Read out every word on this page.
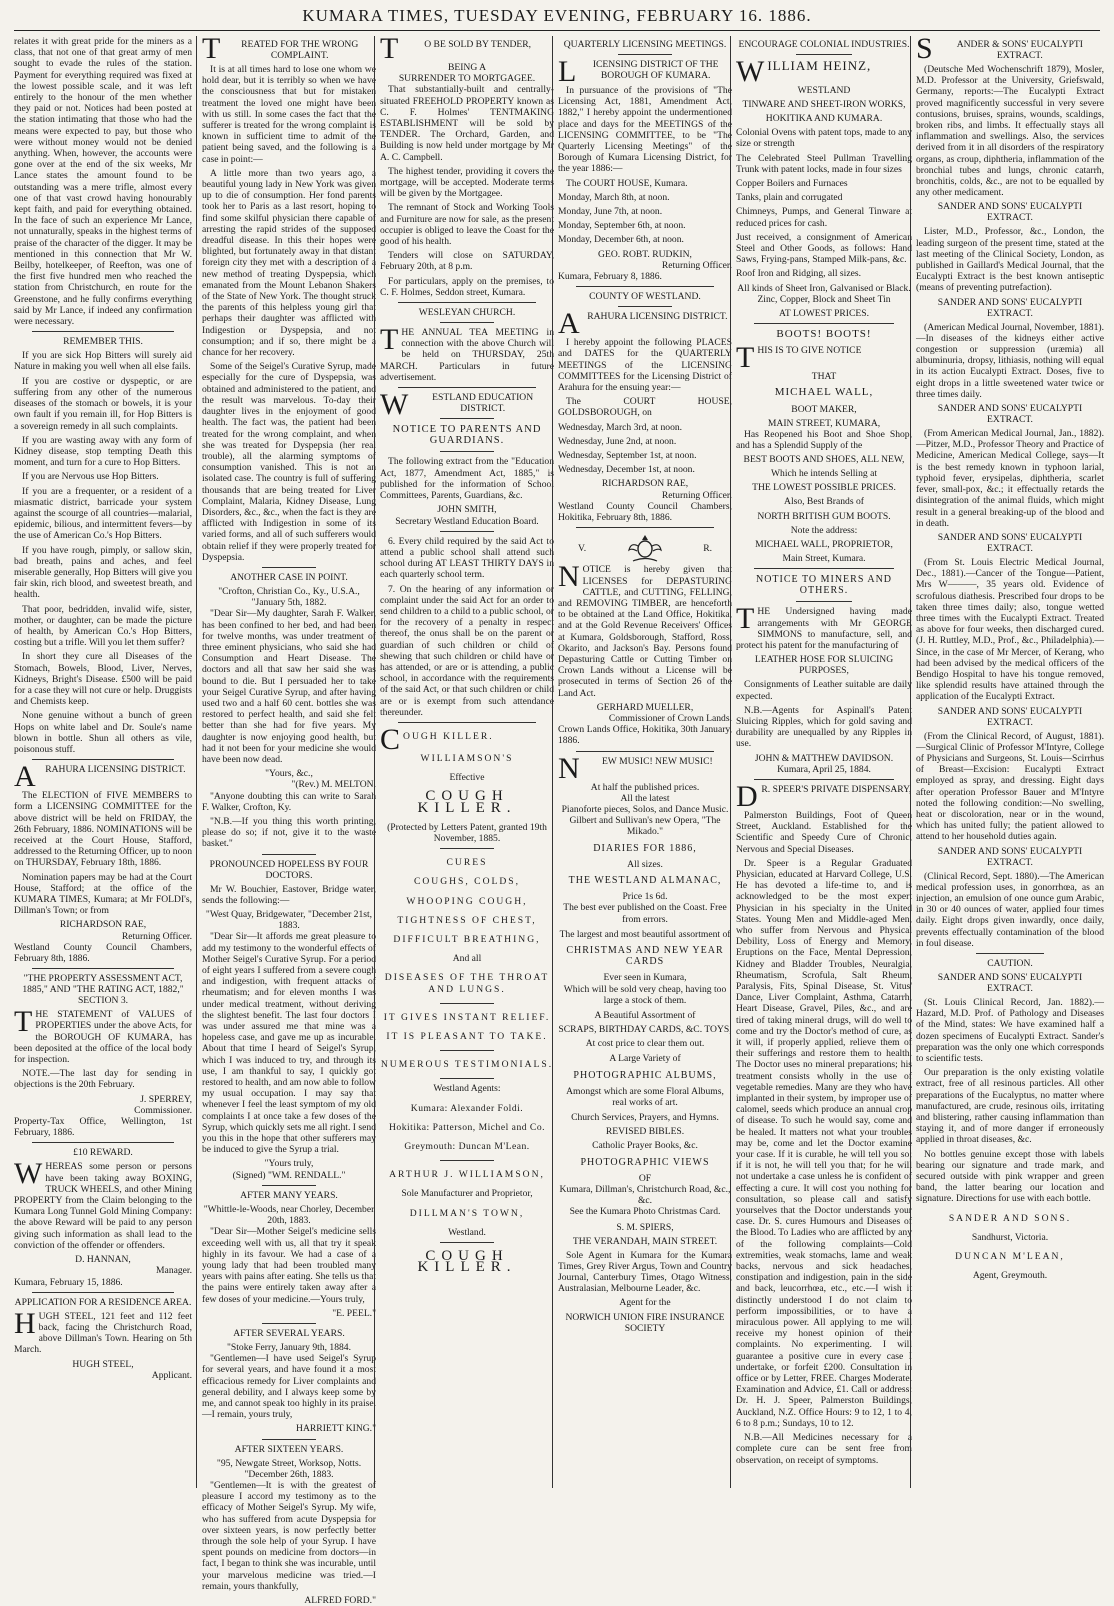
KUMARA TIMES, TUESDAY EVENING, FEBRUARY 16. 1886.

relates it with great pride for the miners as a class, that not one of that great army of men sought to evade the rules of the station. Payment for everything required was fixed at the lowest possible scale, and it was left entirely to the honour of the men whether they paid or not. Notices had been posted at the station intimating that those who had the means were expected to pay, but those who were without money would not be denied anything. When, however, the accounts were gone over at the end of the six weeks, Mr Lance states the amount found to be outstanding was a mere trifle, almost every one of that vast crowd having honourably kept faith, and paid for everything obtained. In the face of such an experience Mr Lance, not unnaturally, speaks in the highest terms of praise of the character of the digger. It may be mentioned in this connection that Mr W. Beilby, hotelkeeper, of Reefton, was one of the first five hundred men who reached the station from Christchurch, en route for the Greenstone, and he fully confirms everything said by Mr Lance, if indeed any confirmation were necessary.

REMEMBER THIS.

If you are sick Hop Bitters will surely aid Nature in making you well when all else fails.

If you are costive or dyspeptic, or are suffering from any other of the numerous diseases of the stomach or bowels, it is your own fault if you remain ill, for Hop Bitters is a sovereign remedy in all such complaints.

If you are wasting away with any form of Kidney disease, stop tempting Death this moment, and turn for a cure to Hop Bitters.

If you are Nervous use Hop Bitters.

If you are a frequenter, or a resident of a miasmatic district, barricade your system against the scourge of all countries—malarial, epidemic, bilious, and intermittent fevers—by the use of American Co.'s Hop Bitters.

If you have rough, pimply, or sallow skin, bad breath, pains and aches, and feel miserable generally, Hop Bitters will give you fair skin, rich blood, and sweetest breath, and health.

That poor, bedridden, invalid wife, sister, mother, or daughter, can be made the picture of health, by American Co.'s Hop Bitters, costing but a trifle. Will you let them suffer?

In short they cure all Diseases of the Stomach, Bowels, Blood, Liver, Nerves, Kidneys, Bright's Disease. £500 will be paid for a case they will not cure or help. Druggists and Chemists keep.

None genuine without a bunch of green Hops on white label and Dr. Soule's name blown in bottle. Shun all others as vile, poisonous stuff.

A RAHURA LICENSING DISTRICT.

The ELECTION of FIVE MEMBERS to form a LICENSING COMMITTEE for the above district will be held on FRIDAY, the 26th February, 1886. NOMINATIONS will be received at the Court House, Stafford, addressed to the Returning Officer, up to noon on THURSDAY, February 18th, 1886.

Nomination papers may be had at the Court House, Stafford; at the office of the KUMARA TIMES, Kumara; at Mr FOLDI's, Dillman's Town; or from

RICHARDSON RAE,
Returning Officer.

Westland County Council Chambers, February 8th, 1886.

"THE PROPERTY ASSESSMENT ACT, 1885," AND "THE RATING ACT, 1882," SECTION 3.
T HE STATEMENT of VALUES of PROPERTIES under the above Acts, for the BOROUGH OF KUMARA, has been deposited at the office of the local body for inspection.

NOTE.—The last day for sending in objections is the 20th February.

J. SPERREY,
Commissioner.

Property-Tax Office, Wellington, 1st February, 1886.

£10 REWARD.
W HEREAS some person or persons have been taking away BOXING, TRUCK WHEELS, and other Mining PROPERTY from the Claim belonging to the Kumara Long Tunnel Gold Mining Company: the above Reward will be paid to any person giving such information as shall lead to the conviction of the offender or offenders.

D. HANNAN,
Manager.

Kumara, February 15, 1886.

APPLICATION FOR A RESIDENCE AREA.
H UGH STEEL, 121 feet and 112 feet back, facing the Christchurch Road, above Dillman's Town. Hearing on 5th March.

HUGH STEEL,
Applicant.
T	REATED FOR THE WRONG COMPLAINT.

It is at all times hard to lose one whom we hold dear, but it is terribly so when we have the consciousness that but for mistaken treatment the loved one might have been with us still. In some cases the fact that the sufferer is treated for the wrong complaint is known in sufficient time to admit of the patient being saved, and the following is a case in point:—

A little more than two years ago, a beautiful young lady in New York was given up to die of consumption. Her fond parents took her to Paris as a last resort, hoping to find some skilful physician there capable of arresting the rapid strides of the supposed dreadful disease. In this their hopes were blighted, but fortunately away in that distant foreign city they met with a description of a new method of treating Dyspepsia, which emanated from the Mount Lebanon Shakers of the State of New York. The thought struck the parents of this helpless young girl that perhaps their daughter was afflicted with Indigestion or Dyspepsia, and not consumption; and if so, there might be a chance for her recovery.

Some of the Seigel's Curative Syrup, made especially for the cure of Dyspepsia, was obtained and administered to the patient, and the result was marvelous. To-day their daughter lives in the enjoyment of good health. The fact was, the patient had been treated for the wrong complaint, and when she was treated for Dyspepsia (her real trouble), all the alarming symptoms of consumption vanished. This is not an isolated case. The country is full of suffering thousands that are being treated for Liver Complaint, Malaria, Kidney Disease, Lung Disorders, &c., &c., when the fact is they are afflicted with Indigestion in some of its varied forms, and all of such sufferers would obtain relief if they were properly treated for Dyspepsia.

ANOTHER CASE IN POINT.
"Crofton, Christian Co., Ky., U.S.A., "January 5th, 1882.

"Dear Sir—My daughter, Sarah F. Walker, has been confined to her bed, and had been for twelve months, was under treatment of three eminent physicians, who said she had Consumption and Heart Disease. The doctors and all that saw her said she was bound to die. But I persuaded her to take your Seigel Curative Syrup, and after having used two and a half 60 cent. bottles she was restored to perfect health, and said she felt better than she had for five years. My daughter is now enjoying good health, but had it not been for your medicine she would have been now dead.

"Yours, &c.,
"(Rev.) M. MELTON.

"Anyone doubting this can write to Sarah F. Walker, Crofton, Ky.

"N.B.—If you thing this worth printing, please do so; if not, give it to the waste basket."

PRONOUNCED HOPELESS BY FOUR DOCTORS.

Mr W. Bouchier, Eastover, Bridge water, sends the following:—

"West Quay, Bridgewater, "December 21st, 1883.

"Dear Sir—It affords me great pleasure to add my testimony to the wonderful effects of Mother Seigel's Curative Syrup. For a period of eight years I suffered from a severe cough and indigestion, with frequent attacks of rheumatism; and for eleven months I was under medical treatment, without deriving the slightest benefit. The last four doctors I was under assured me that mine was a hopeless case, and gave me up as incurable. About that time I heard of Seigel's Syrup, which I was induced to try, and through its use, I am thankful to say, I quickly got restored to health, and am now able to follow my usual occupation. I may say that whenever I feel the least symptom of my old complaints I at once take a few doses of the Syrup, which quickly sets me all right. I send you this in the hope that other sufferers may be induced to give the Syrup a trial.

"Yours truly,
(Signed) "WM. RENDALL."
AFTER MANY YEARS.
"Whittle-le-Woods, near Chorley, December 20th, 1883.

"Dear Sir—Mother Seigel's medicine sells exceeding well with us, all that try it speak highly in its favour. We had a case of a young lady that had been troubled many years with pains after eating. She tells us that the pains were entirely taken away after a few doses of your medicine.—Yours truly,

"E. PEEL."
AFTER SEVERAL YEARS.
"Stoke Ferry, January 9th, 1884.

"Gentlemen—I have used Seigel's Syrup for several years, and have found it a most efficacious remedy for Liver complaints and general debility, and I always keep some by me, and cannot speak too highly in its praise.—I remain, yours truly,

HARRIETT KING."
AFTER SIXTEEN YEARS.
"95, Newgate Street, Worksop, Notts. "December 26th, 1883.

"Gentlemen—It is with the greatest of pleasure I accord my testimony as to the efficacy of Mother Seigel's Syrup. My wife, who has suffered from acute Dyspepsia for over sixteen years, is now perfectly better through the sole help of your Syrup. I have spent pounds on medicine from doctors—in fact, I began to think she was incurable, until your marvelous medicine was tried.—I remain, yours thankfully,

ALFRED FORD."
T	O BE SOLD BY TENDER,
BEING A
SURRENDER TO MORTGAGEE.

That substantially-built and centrally-situated FREEHOLD PROPERTY known as C. F. Holmes' TENTMAKING ESTABLISHMENT will be sold by TENDER. The Orchard, Garden, and Building is now held under mortgage by Mr A. C. Campbell.

The highest tender, providing it covers the mortgage, will be accepted. Moderate terms will be given by the Mortgagee.

The remnant of Stock and Working Tools and Furniture are now for sale, as the present occupier is obliged to leave the Coast for the good of his health.

Tenders will close on SATURDAY, February 20th, at 8 p.m.

For particulars, apply on the premises, to C. F. Holmes, Seddon street, Kumara.

WESLEYAN CHURCH.
T HE ANNUAL TEA MEETING in connection with the above Church will be held on THURSDAY, 25th MARCH. Particulars in future advertisement.

W	ESTLAND EDUCATION DISTRICT.
NOTICE TO PARENTS AND GUARDIANS.

The following extract from the "Education Act, 1877, Amendment Act, 1885," is published for the information of School Committees, Parents, Guardians, &c.

JOHN SMITH,
Secretary Westland Education Board.

6. Every child required by the said Act to attend a public school shall attend such school during AT LEAST THIRTY DAYS in each quarterly school term.

7. On the hearing of any information or complaint under the said Act for an order to send children to a child to a public school, or for the recovery of a penalty in respect thereof, the onus shall be on the parent or guardian of such children or child of shewing that such children or child have or has attended, or are or is attending, a public school, in accordance with the requirements of the said Act, or that such children or child are or is exempt from such attendance thereunder.

C OUGH KILLER.
WILLIAMSON'S
Effective
COUGH KILLER.

(Protected by Letters Patent, granted 19th November, 1885.

CURES
COUGHS, COLDS,
WHOOPING COUGH,
TIGHTNESS OF CHEST,
DIFFICULT BREATHING,
And all
DISEASES OF THE THROAT AND LUNGS.
IT GIVES INSTANT RELIEF.
IT IS PLEASANT TO TAKE.
NUMEROUS TESTIMONIALS.
Westland Agents:
Kumara: Alexander Foldi.
Hokitika: Patterson, Michel and Co.
Greymouth: Duncan M'Lean.
ARTHUR J. WILLIAMSON,
Sole Manufacturer and Proprietor,
DILLMAN'S TOWN,
Westland.
COUGH KILLER.
QUARTERLY LICENSING MEETINGS.
L	ICENSING DISTRICT OF THE BOROUGH OF KUMARA.

In pursuance of the provisions of "The Licensing Act, 1881, Amendment Act, 1882," I hereby appoint the undermentioned place and days for the MEETINGS of the LICENSING COMMITTEE, to be "The Quarterly Licensing Meetings" of the Borough of Kumara Licensing District, for the year 1886:—

The COURT HOUSE, Kumara.

Monday, March 8th, at noon.

Monday, June 7th, at noon.

Monday, September 6th, at noon.

Monday, December 6th, at noon.

GEO. ROBT. RUDKIN,
Returning Officer.

Kumara, February 8, 1886.

COUNTY OF WESTLAND.
A RAHURA LICENSING DISTRICT.

I hereby appoint the following PLACES and DATES for the QUARTERLY MEETINGS of the LICENSING COMMITTEES for the Licensing District of Arahura for the ensuing year:—

The COURT HOUSE, GOLDSBOROUGH, on

Wednesday, March 3rd, at noon.

Wednesday, June 2nd, at noon.

Wednesday, September 1st, at noon.

Wednesday, December 1st, at noon.

RICHARDSON RAE,
Returning Officer.

Westland County Council Chambers, Hokitika, February 8th, 1886.

V.	R.
N OTICE is hereby given that LICENSES for DEPASTURING CATTLE, and CUTTING, FELLING, and REMOVING TIMBER, are henceforth to be obtained at the Land Office, Hokitika, and at the Gold Revenue Receivers' Offices at Kumara, Goldsborough, Stafford, Ross, Okarito, and Jackson's Bay. Persons found Depasturing Cattle or Cutting Timber on Crown Lands without a License will be prosecuted in terms of Section 26 of the Land Act.

GERHARD MUELLER,
Commissioner of Crown Lands.

Crown Lands Office, Hokitika, 30th January, 1886.

N	EW MUSIC! NEW MUSIC!
At half the published prices.
All the latest
Pianoforte pieces, Solos, and Dance Music.
Gilbert and Sullivan's new Opera, "The Mikado."
DIARIES FOR 1886,
All sizes.
THE WESTLAND ALMANAC,
Price 1s 6d.
The best ever published on the Coast. Free from errors.
The largest and most beautiful assortment of
CHRISTMAS AND NEW YEAR CARDS
Ever seen in Kumara,
Which will be sold very cheap, having too large a stock of them.
A Beautiful Assortment of
SCRAPS, BIRTHDAY CARDS, &C. TOYS,
At cost price to clear them out.
A Large Variety of
PHOTOGRAPHIC ALBUMS,
Amongst which are some Floral Albums, real works of art.
Church Services, Prayers, and Hymns.
REVISED BIBLES.
Catholic Prayer Books, &c.
PHOTOGRAPHIC VIEWS
OF
Kumara, Dillman's, Christchurch Road, &c., &c.
See the Kumara Photo Christmas Card.
S. M. SPIERS,
THE VERANDAH, MAIN STREET.

Sole Agent in Kumara for the Kumara Times, Grey River Argus, Town and Country Journal, Canterbury Times, Otago Witness, Australasian, Melbourne Leader, &c.

Agent for the
NORWICH UNION FIRE INSURANCE SOCIETY
ENCOURAGE COLONIAL INDUSTRIES.
W ILLIAM HEINZ,
WESTLAND
TINWARE AND SHEET-IRON WORKS,
HOKITIKA AND KUMARA.

Colonial Ovens with patent tops, made to any size or strength

The Celebrated Steel Pullman Travelling Trunk with patent locks, made in four sizes

Copper Boilers and Furnaces

Tanks, plain and corrugated

Chimneys, Pumps, and General Tinware at reduced prices for cash.

Just received, a consignment of American Steel and Other Goods, as follows: Hand Saws, Frying-pans, Stamped Milk-pans, &c.

Roof Iron and Ridging, all sizes.

All kinds of Sheet Iron, Galvanised or Black.
Zinc, Copper, Block and Sheet Tin
AT LOWEST PRICES.
BOOTS! BOOTS!
T HIS IS TO GIVE NOTICE
THAT
MICHAEL WALL,
BOOT MAKER,
MAIN STREET, KUMARA,

Has Reopened his Boot and Shoe Shop, and has a Splendid Supply of the

BEST BOOTS AND SHOES, ALL NEW,
Which he intends Selling at
THE LOWEST POSSIBLE PRICES.
Also, Best Brands of
NORTH BRITISH GUM BOOTS.
Note the address:
MICHAEL WALL, PROPRIETOR,
Main Street, Kumara.
NOTICE TO MINERS AND OTHERS.
T HE Undersigned having made arrangements with Mr GEORGE SIMMONS to manufacture, sell, and protect his patent for the manufacturing of

LEATHER HOSE FOR SLUICING PURPOSES,

Consignments of Leather suitable are daily expected.

N.B.—Agents for Aspinall's Patent Sluicing Ripples, which for gold saving and durability are unequalled by any Ripples in use.

JOHN & MATTHEW DAVIDSON.
Kumara, April 25, 1884.
D R. SPEER'S PRIVATE DISPENSARY,

Palmerston Buildings, Foot of Queen Street, Auckland. Established for the Scientific and Speedy Cure of Chronic, Nervous and Special Diseases.

Dr. Speer is a Regular Graduated Physician, educated at Harvard College, U.S. He has devoted a life-time to, and is acknowledged to be the most expert Physician in his specialty in the United States. Young Men and Middle-aged Men, who suffer from Nervous and Physical Debility, Loss of Energy and Memory, Eruptions on the Face, Mental Depression, Kidney and Bladder Troubles, Neuralgia, Rheumatism, Scrofula, Salt Rheum, Paralysis, Fits, Spinal Disease, St. Vitus' Dance, Liver Complaint, Asthma, Catarrh, Heart Disease, Gravel, Piles, &c., and are tired of taking mineral drugs, will do well to come and try the Doctor's method of cure, as it will, if properly applied, relieve them of their sufferings and restore them to health. The Doctor uses no mineral preparations; his treatment consists wholly in the use of vegetable remedies. Many are they who have implanted in their system, by improper use of calomel, seeds which produce an annual crop of disease. To such he would say, come and be healed. It matters not what your troubles may be, come and let the Doctor examine your case. If it is curable, he will tell you so; if it is not, he will tell you that; for he will not undertake a case unless he is confident of effecting a cure. It will cost you nothing for consultation, so please call and satisfy yourselves that the Doctor understands your case. Dr. S. cures Humours and Diseases of the Blood. To Ladies who are afflicted by any of the following complaints—Cold extremities, weak stomachs, lame and weak backs, nervous and sick headaches, constipation and indigestion, pain in the side and back, leucorrhœa, etc., etc.—I wish it distinctly understood I do not claim to perform impossibilities, or to have a miraculous power. All applying to me will receive my honest opinion of their complaints. No experimenting. I will guarantee a positive cure in every case I undertake, or forfeit £200. Consultation in office or by Letter, FREE. Charges Moderate. Examination and Advice, £1. Call or address: Dr. H. J. Speer, Palmerston Buildings, Auckland, N.Z. Office Hours: 9 to 12, 1 to 4, 6 to 8 p.m.; Sundays, 10 to 12.

N.B.—All Medicines necessary for a complete cure can be sent free from observation, on receipt of symptoms.

S	ANDER & SONS' EUCALYPTI EXTRACT.

(Deutsche Med Wochenschrift 1879), Mosler, M.D. Professor at the University, Griefswald, Germany, reports:—The Eucalypti Extract proved magnificently successful in very severe contusions, bruises, sprains, wounds, scaldings, broken ribs, and limbs. It effectually stays all inflammation and swellings. Also, the services derived from it in all disorders of the respiratory organs, as croup, diphtheria, inflammation of the bronchial tubes and lungs, chronic catarrh, bronchitis, colds, &c., are not to be equalled by any other medicament.

SANDER AND SONS' EUCALYPTI EXTRACT.

Lister, M.D., Professor, &c., London, the leading surgeon of the present time, stated at the last meeting of the Clinical Society, London, as published in Gaillard's Medical Journal, that the Eucalypti Extract is the best known antiseptic (means of preventing putrefaction).

SANDER AND SONS' EUCALYPTI EXTRACT.

(American Medical Journal, November, 1881).—In diseases of the kidneys either active congestion or suppression (uræmia) all albuminuria, dropsy, lithiasis, nothing will equal in its action Eucalypti Extract. Doses, five to eight drops in a little sweetened water twice or three times daily.

SANDER AND SONS' EUCALYPTI EXTRACT.

(From American Medical Journal, Jan., 1882).—Pitzer, M.D., Professor Theory and Practice of Medicine, American Medical College, says—It is the best remedy known in typhoon larial, typhoid fever, erysipelas, diphtheria, scarlet fever, small-pox, &c.; it effectually retards the disintegration of the animal fluids, which might result in a general breaking-up of the blood and in death.

SANDER AND SONS' EUCALYPTI EXTRACT.

(From St. Louis Electric Medical Journal, Dec., 1881).—Cancer of the Tongue—Patient, Mrs W———, 35 years old. Evidence of scrofulous diathesis. Prescribed four drops to be taken three times daily; also, tongue wetted three times with the Eucalypti Extract. Treated as above for four weeks, then discharged cured. (J. H. Ruttley, M.D., Prof., &c., Philadelphia).—Since, in the case of Mr Mercer, of Kerang, who had been advised by the medical officers of the Bendigo Hospital to have his tongue removed, like splendid results have attained through the application of the Eucalypti Extract.

SANDER AND SONS' EUCALYPTI EXTRACT.

(From the Clinical Record, of August, 1881).—Surgical Clinic of Professor M'Intyre, College of Physicians and Surgeons, St. Louis—Scirrhus of Breast—Excision: Eucalypti Extract employed as spray, and dressing. Eight days after operation Professor Bauer and M'Intyre noted the following condition:—No swelling, heat or discoloration, near or in the wound, which has united fully; the patient allowed to attend to her household duties again.

SANDER AND SONS' EUCALYPTI EXTRACT.

(Clinical Record, Sept. 1880).—The American medical profession uses, in gonorrhœa, as an injection, an emulsion of one ounce gum Arabic, in 30 or 40 ounces of water, applied four times daily. Eight drops given inwardly, once daily, prevents effectually contamination of the blood in foul disease.

CAUTION.
SANDER AND SONS' EUCALYPTI EXTRACT.

(St. Louis Clinical Record, Jan. 1882).—Hazard, M.D. Prof. of Pathology and Diseases of the Mind, states: We have examined half a dozen specimens of Eucalypti Extract. Sander's preparation was the only one which corresponds to scientific tests.

Our preparation is the only existing volatile extract, free of all resinous particles. All other preparations of the Eucalyptus, no matter where manufactured, are crude, resinous oils, irritating and blistering, rather causing inflammation than staying it, and of more danger if erroneously applied in throat diseases, &c.

No bottles genuine except those with labels bearing our signature and trade mark, and secured outside with pink wrapper and green band, the latter bearing our location and signature. Directions for use with each bottle.

SANDER AND SONS.
Sandhurst, Victoria.
DUNCAN M'LEAN,
Agent, Greymouth.
